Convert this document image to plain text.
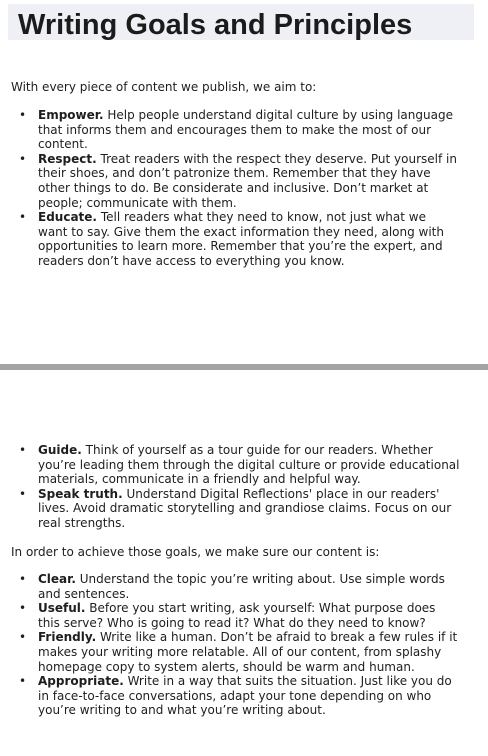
Writing Goals and Principles

With every piece of content we publish, we aim to:

• Empower. Help people understand digital culture by using language
that informs them and encourages them to make the most of our
content.
• Respect. Treat readers with the respect they deserve. Put yourself in
their shoes, and don’t patronize them. Remember that they have
other things to do. Be considerate and inclusive. Don’t market at
people; communicate with them.
• Educate. Tell readers what they need to know, not just what we
want to say. Give them the exact information they need, along with
opportunities to learn more. Remember that you’re the expert, and
readers don’t have access to everything you know.
• Guide. Think of yourself as a tour guide for our readers. Whether
you’re leading them through the digital culture or provide educational
materials, communicate in a friendly and helpful way.
• Speak truth. Understand Digital Reflections' place in our readers'
lives. Avoid dramatic storytelling and grandiose claims. Focus on our
real strengths.

In order to achieve those goals, we make sure our content is:

• Clear. Understand the topic you’re writing about. Use simple words
and sentences.
• Useful. Before you start writing, ask yourself: What purpose does
this serve? Who is going to read it? What do they need to know?
• Friendly. Write like a human. Don’t be afraid to break a few rules if it
makes your writing more relatable. All of our content, from splashy
homepage copy to system alerts, should be warm and human.
• Appropriate. Write in a way that suits the situation. Just like you do
in face-to-face conversations, adapt your tone depending on who
you’re writing to and what you’re writing about.
